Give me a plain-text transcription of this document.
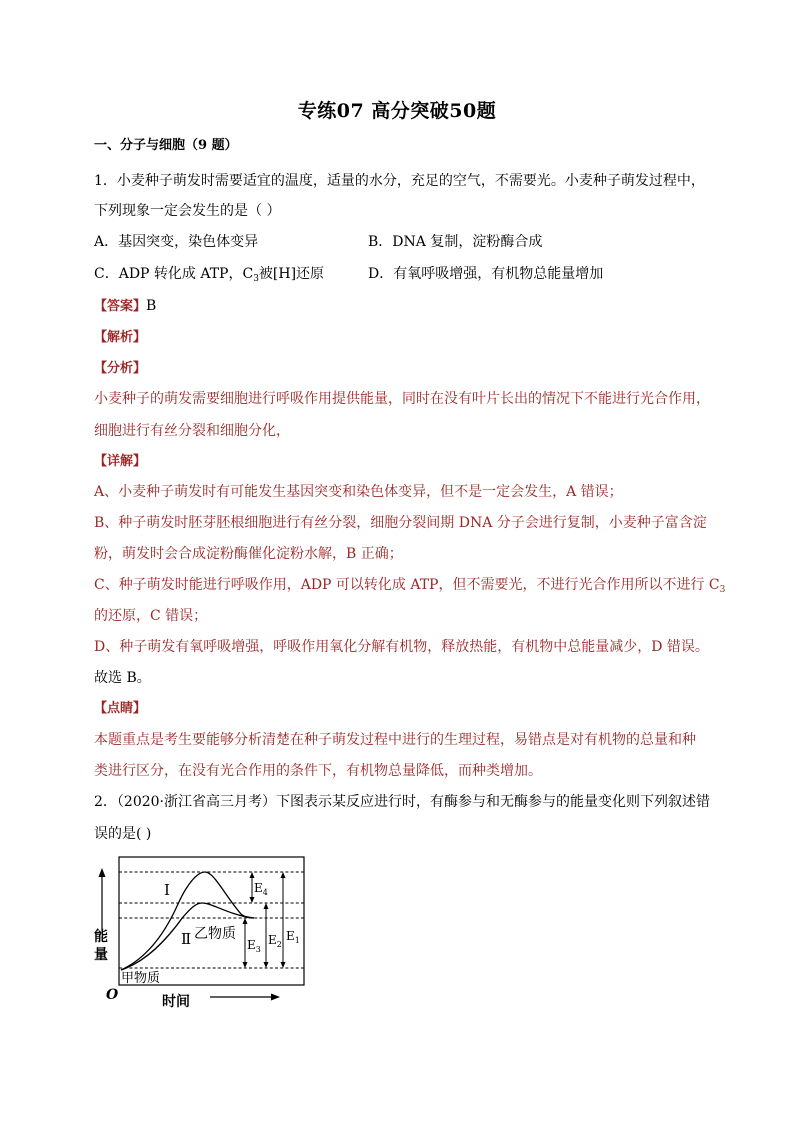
专练07 高分突破50题
一、分子与细胞（9 题）
1．小麦种子萌发时需要适宜的温度，适量的水分，充足的空气，不需要光。小麦种子萌发过程中，
下列现象一定会发生的是（ ）
A．基因突变，染色体变异	B．DNA 复制，淀粉酶合成
C．ADP 转化成 ATP，$C_3$被[H]还原	D．有氧呼吸增强，有机物总能量增加
【答案】B
【解析】
【分析】
小麦种子的萌发需要细胞进行呼吸作用提供能量，同时在没有叶片长出的情况下不能进行光合作用，
细胞进行有丝分裂和细胞分化，
【详解】
A、小麦种子萌发时有可能发生基因突变和染色体变异，但不是一定会发生，A 错误；
B、种子萌发时胚芽胚根细胞进行有丝分裂，细胞分裂间期 DNA 分子会进行复制，小麦种子富含淀
粉，萌发时会合成淀粉酶催化淀粉水解，B 正确；
C、种子萌发时能进行呼吸作用，ADP 可以转化成 ATP，但不需要光，不进行光合作用所以不进行 $C_3$
的还原，C 错误；
D、种子萌发有氧呼吸增强，呼吸作用氧化分解有机物，释放热能，有机物中总能量减少，D 错误。
故选 B。
【点睛】
本题重点是考生要能够分析清楚在种子萌发过程中进行的生理过程，易错点是对有机物的总量和种
类进行区分，在没有光合作用的条件下，有机物总量降低，而种类增加。
2．（2020·浙江省高三月考）下图表示某反应进行时，有酶参与和无酶参与的能量变化则下列叙述错
误的是( )
Ⅰ
Ⅱ 乙物质
甲物质
能
量
时间
O
$E_4$
$E_3$
$E_2$
$E_1$
